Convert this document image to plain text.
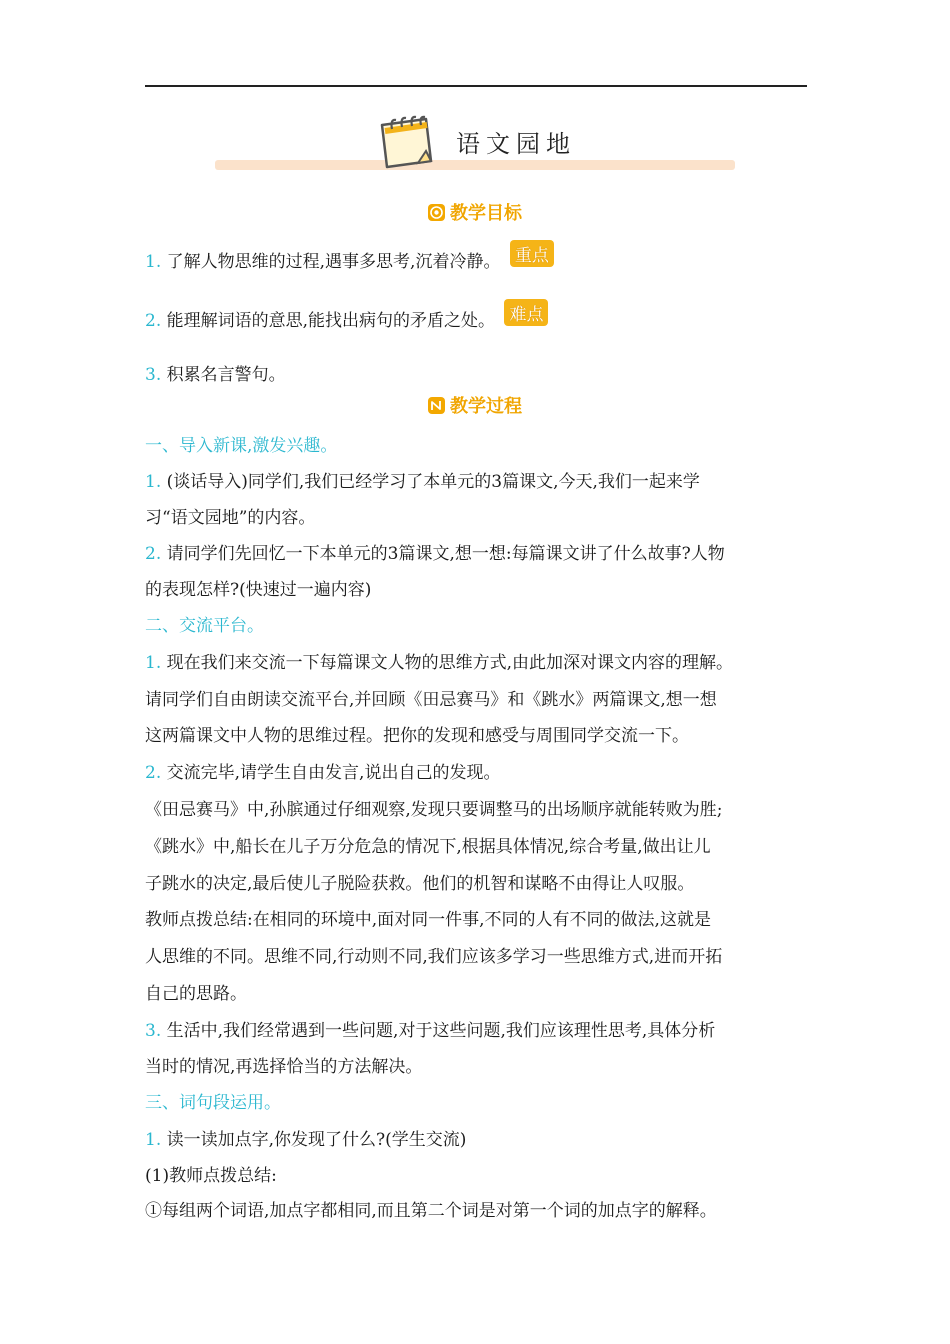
语文园地
教学目标
1. 了解人物思维的过程,遇事多思考,沉着冷静。 重点
2. 能理解词语的意思,能找出病句的矛盾之处。 难点
3. 积累名言警句。
教学过程
一、导入新课,激发兴趣。
1. (谈话导入)同学们,我们已经学习了本单元的3篇课文,今天,我们一起来学
习“语文园地”的内容。
2. 请同学们先回忆一下本单元的3篇课文,想一想:每篇课文讲了什么故事?人物
的表现怎样?(快速过一遍内容)
二、交流平台。
1. 现在我们来交流一下每篇课文人物的思维方式,由此加深对课文内容的理解。
请同学们自由朗读交流平台,并回顾《田忌赛马》和《跳水》两篇课文,想一想
这两篇课文中人物的思维过程。把你的发现和感受与周围同学交流一下。
2. 交流完毕,请学生自由发言,说出自己的发现。
《田忌赛马》中,孙膑通过仔细观察,发现只要调整马的出场顺序就能转败为胜;
《跳水》中,船长在儿子万分危急的情况下,根据具体情况,综合考量,做出让儿
子跳水的决定,最后使儿子脱险获救。他们的机智和谋略不由得让人叹服。
教师点拨总结:在相同的环境中,面对同一件事,不同的人有不同的做法,这就是
人思维的不同。思维不同,行动则不同,我们应该多学习一些思维方式,进而开拓
自己的思路。
3. 生活中,我们经常遇到一些问题,对于这些问题,我们应该理性思考,具体分析
当时的情况,再选择恰当的方法解决。
三、词句段运用。
1. 读一读加点字,你发现了什么?(学生交流)
(1)教师点拨总结:
①每组两个词语,加点字都相同,而且第二个词是对第一个词的加点字的解释。
